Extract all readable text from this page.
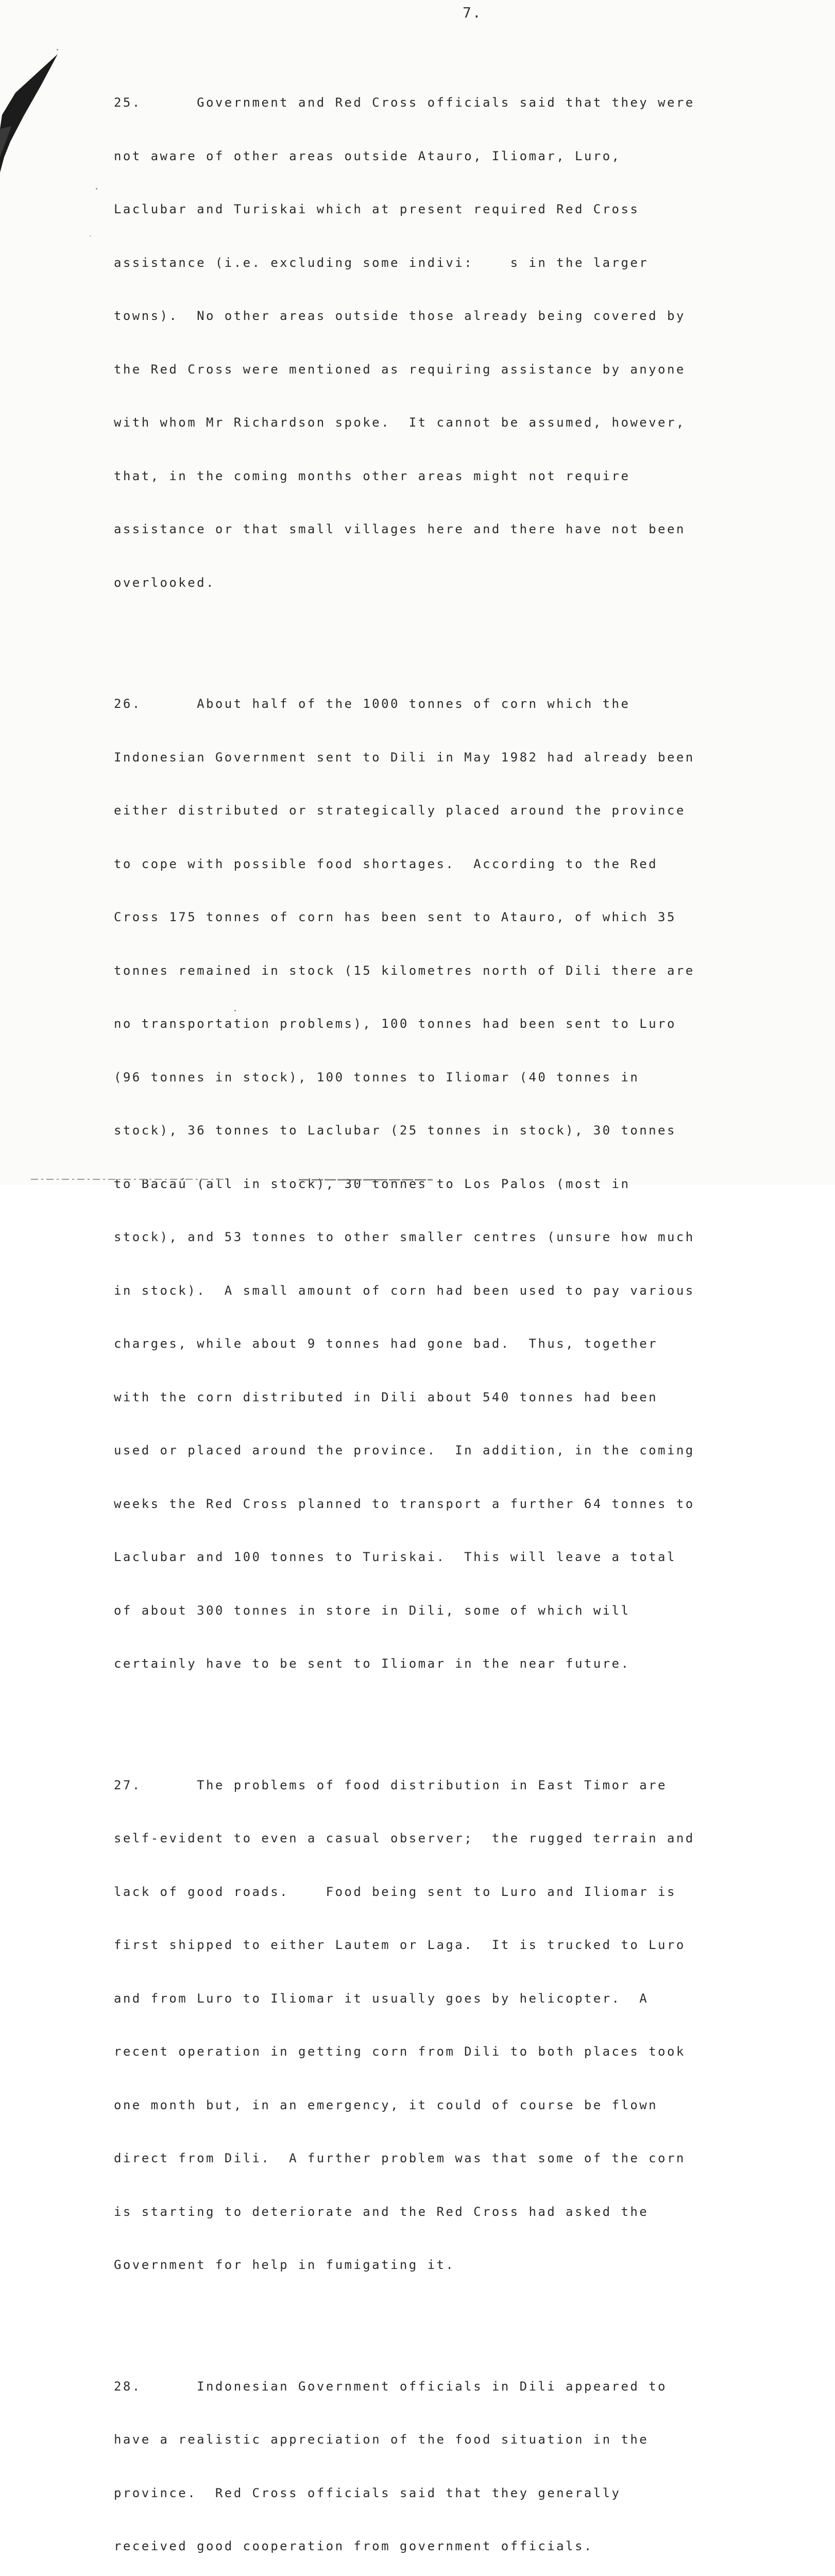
7.

25.      Government and Red Cross officials said that they were

not aware of other areas outside Atauro, Iliomar, Luro,

Laclubar and Turiskai which at present required Red Cross

assistance (i.e. excluding some indivi:    s in the larger

towns).  No other areas outside those already being covered by

the Red Cross were mentioned as requiring assistance by anyone

with whom Mr Richardson spoke.  It cannot be assumed, however,

that, in the coming months other areas might not require

assistance or that small villages here and there have not been

overlooked.

26.      About half of the 1000 tonnes of corn which the

Indonesian Government sent to Dili in May 1982 had already been

either distributed or strategically placed around the province

to cope with possible food shortages.  According to the Red

Cross 175 tonnes of corn has been sent to Atauro, of which 35

tonnes remained in stock (15 kilometres north of Dili there are

no transportation problems), 100 tonnes had been sent to Luro

(96 tonnes in stock), 100 tonnes to Iliomar (40 tonnes in

stock), 36 tonnes to Laclubar (25 tonnes in stock), 30 tonnes

to Bacaú (all in stock), 30 tonnes to Los Palos (most in

stock), and 53 tonnes to other smaller centres (unsure how much

in stock).  A small amount of corn had been used to pay various

charges, while about 9 tonnes had gone bad.  Thus, together

with the corn distributed in Dili about 540 tonnes had been

used or placed around the province.  In addition, in the coming

weeks the Red Cross planned to transport a further 64 tonnes to

Laclubar and 100 tonnes to Turiskai.  This will leave a total

of about 300 tonnes in store in Dili, some of which will

certainly have to be sent to Iliomar in the near future.

27.      The problems of food distribution in East Timor are

self-evident to even a casual observer;  the rugged terrain and

lack of good roads.    Food being sent to Luro and Iliomar is

first shipped to either Lautem or Laga.  It is trucked to Luro

and from Luro to Iliomar it usually goes by helicopter.  A

recent operation in getting corn from Dili to both places took

one month but, in an emergency, it could of course be flown

direct from Dili.  A further problem was that some of the corn

is starting to deteriorate and the Red Cross had asked the

Government for help in fumigating it.

28.      Indonesian Government officials in Dili appeared to

have a realistic appreciation of the food situation in the

province.  Red Cross officials said that they generally

received good cooperation from government officials.
